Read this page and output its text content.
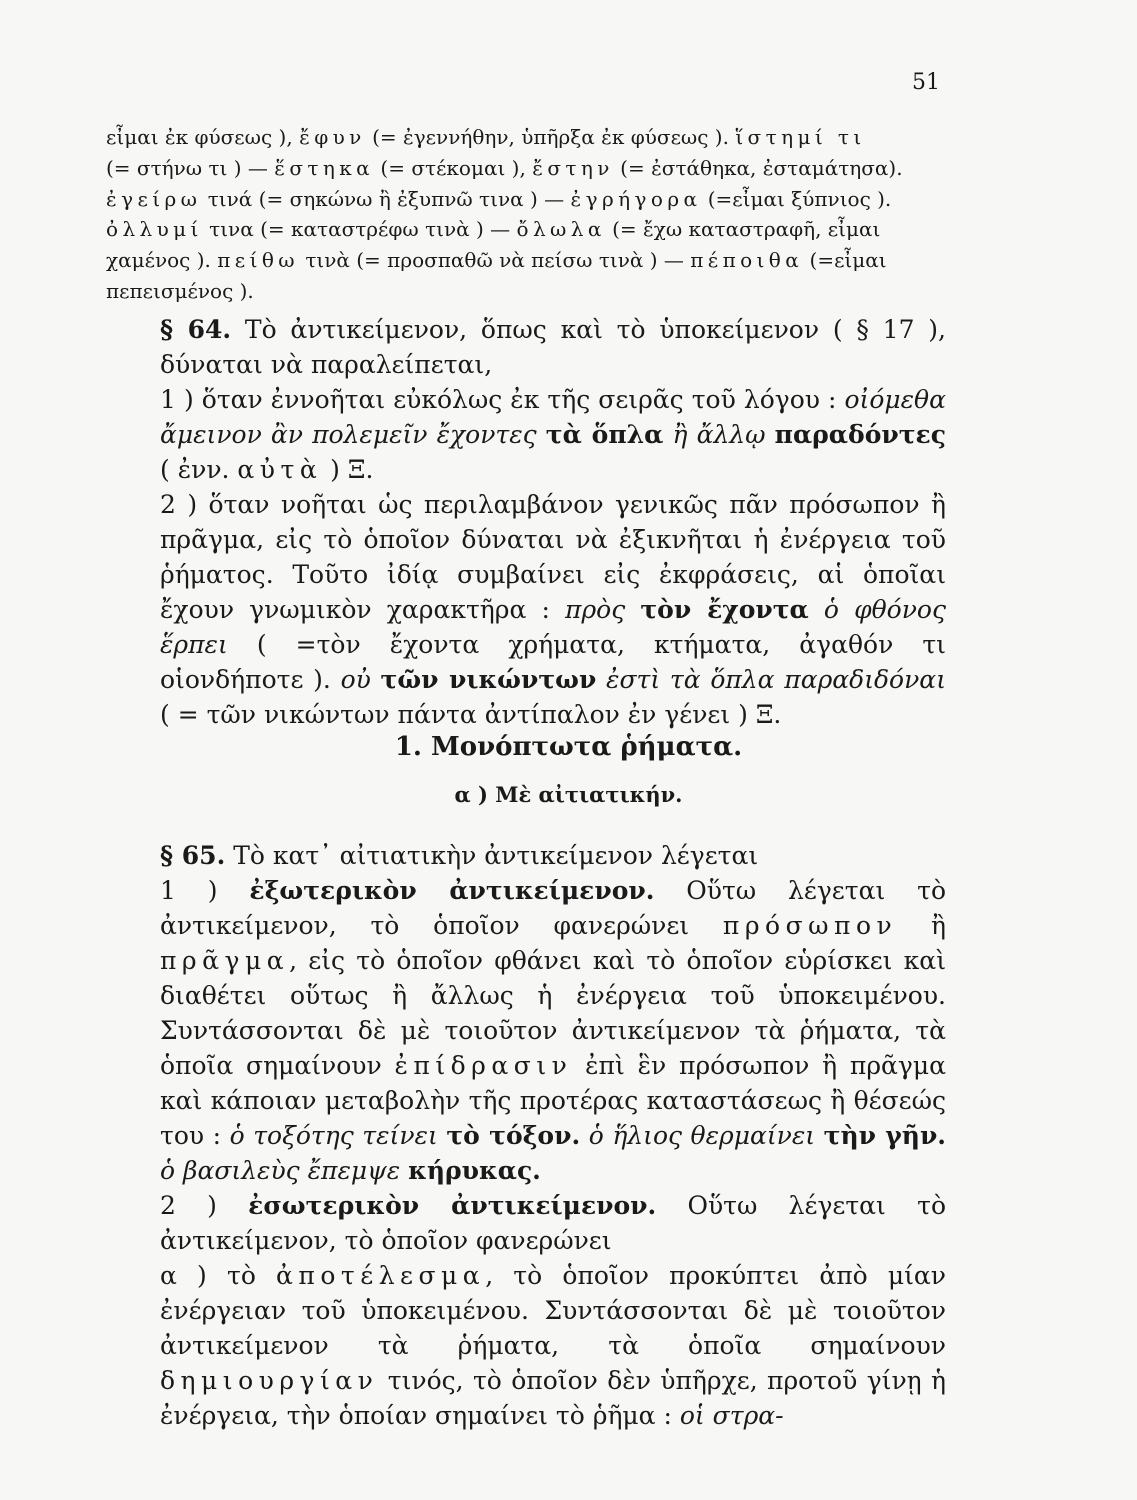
51

εἶμαι ἐκ φύσεως ), ἔφυν (= ἐγεννήθην, ὑπῆρξα ἐκ φύσεως ). ἵστημί τι

(= στήνω τι ) — ἕστηκα (= στέκομαι ), ἔστην (= ἐστάθηκα, ἐσταμάτησα).

ἐγείρω τινά (= σηκώνω ἢ ἐξυπνῶ τινα ) — ἐγρήγορα (=εἶμαι ξύπνιος ).

ὀλλυμί τινα (= καταστρέφω τινὰ ) — ὄλωλα (= ἔχω καταστραφῆ, εἶμαι

χαμένος ). πείθω τινὰ (= προσπαθῶ νὰ πείσω τινὰ ) — πέποιθα (=εἶμαι

πεπεισμένος ).

§ 64. Τὸ ἀντικείμενον, ὅπως καὶ τὸ ὑποκείμενον ( § 17 ), δύναται νὰ παραλείπεται,

1 ) ὅταν ἐννοῆται εὐκόλως ἐκ τῆς σειρᾶς τοῦ λόγου : οἰόμεθα ἄμεινον ἂν πολεμεῖν ἔχοντες τὰ ὅπλα ἢ ἄλλῳ παραδόντες ( ἐνν. αὐτὰ ) Ξ.

2 ) ὅταν νοῆται ὡς περιλαμβάνον γενικῶς πᾶν πρόσωπον ἢ πρᾶγμα, εἰς τὸ ὁποῖον δύναται νὰ ἐξικνῆται ἡ ἐνέργεια τοῦ ῥήματος. Τοῦτο ἰδίᾳ συμβαίνει εἰς ἐκφράσεις, αἱ ὁποῖαι ἔχουν γνωμικὸν χαρακτῆρα : πρὸς τὸν ἔχοντα ὁ φθόνος ἕρπει ( =τὸν ἔχοντα χρήματα, κτήματα, ἀγαθόν τι οἱονδήποτε ). οὐ τῶν νικώντων ἐστὶ τὰ ὅπλα παραδιδόναι ( = τῶν νικώντων πάντα ἀντίπαλον ἐν γένει ) Ξ.

1. Μονόπτωτα ῥήματα.
α ) Μὲ αἰτιατικήν.

§ 65. Τὸ κατ᾽ αἰτιατικὴν ἀντικείμενον λέγεται

1 ) ἐξωτερικὸν ἀντικείμενον. Οὕτω λέγεται τὸ ἀντικείμενον, τὸ ὁποῖον φανερώνει πρόσωπον ἢ πρᾶγμα, εἰς τὸ ὁποῖον φθάνει καὶ τὸ ὁποῖον εὑρίσκει καὶ διαθέτει οὕτως ἢ ἄλλως ἡ ἐνέργεια τοῦ ὑποκειμένου. Συντάσσονται δὲ μὲ τοιοῦτον ἀντικείμενον τὰ ῥήματα, τὰ ὁποῖα σημαίνουν ἐπίδρασιν ἐπὶ ἓν πρόσωπον ἢ πρᾶγμα καὶ κάποιαν μεταβολὴν τῆς προτέρας καταστάσεως ἢ θέσεώς του : ὁ τοξότης τείνει τὸ τόξον. ὁ ἥλιος θερμαίνει τὴν γῆν. ὁ βασιλεὺς ἔπεμψε κήρυκας.

2 ) ἐσωτερικὸν ἀντικείμενον. Οὕτω λέγεται τὸ ἀντικείμενον, τὸ ὁποῖον φανερώνει

α ) τὸ ἀποτέλεσμα, τὸ ὁποῖον προκύπτει ἀπὸ μίαν ἐνέργειαν τοῦ ὑποκειμένου. Συντάσσονται δὲ μὲ τοιοῦτον ἀντικείμενον τὰ ῥήματα, τὰ ὁποῖα σημαίνουν δημιουργίαν τινός, τὸ ὁποῖον δὲν ὑπῆρχε, προτοῦ γίνῃ ἡ ἐνέργεια, τὴν ὁποίαν σημαίνει τὸ ῥῆμα : οἱ στρα-
